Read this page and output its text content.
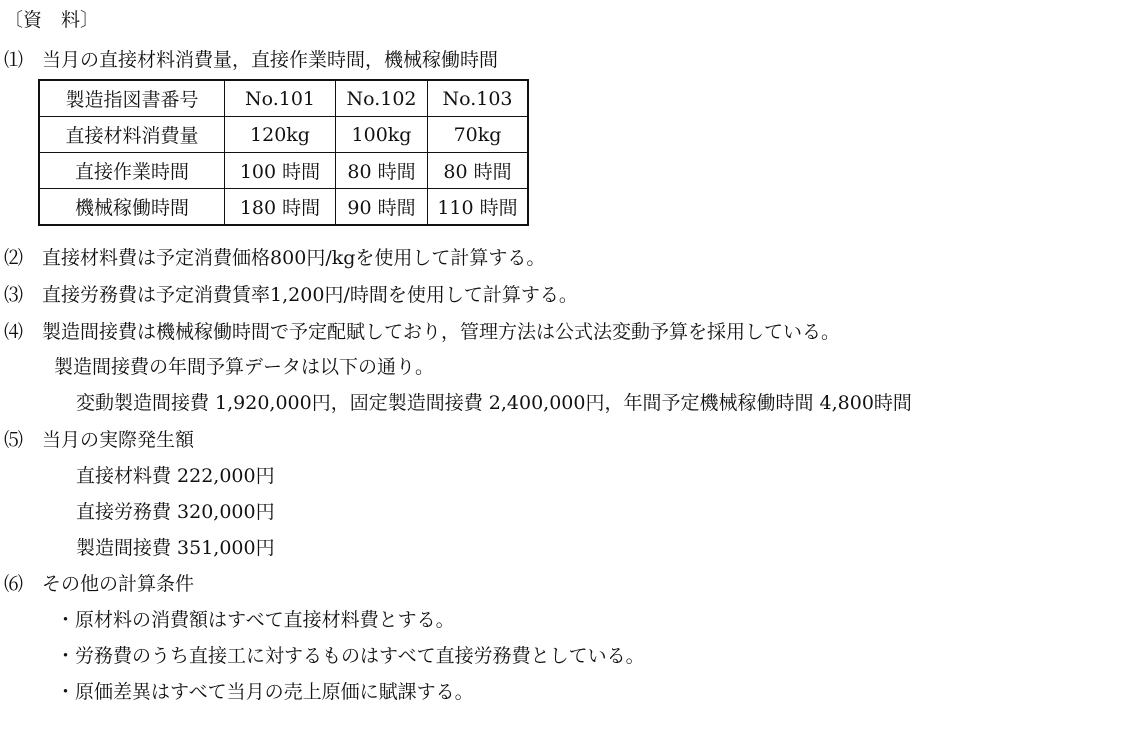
〔資　料〕
⑴ 当月の直接材料消費量，直接作業時間，機械稼働時間
製造指図書番号	No.101	No.102	No.103
直接材料消費量	120kg	100kg	70kg
直接作業時間	100 時間	80 時間	80 時間
機械稼働時間	180 時間	90 時間	110 時間
⑵ 直接材料費は予定消費価格800円/kgを使用して計算する。
⑶ 直接労務費は予定消費賃率1,200円/時間を使用して計算する。
⑷ 製造間接費は機械稼働時間で予定配賦しており，管理方法は公式法変動予算を採用している。
製造間接費の年間予算データは以下の通り。
変動製造間接費 1,920,000円，固定製造間接費 2,400,000円，年間予定機械稼働時間 4,800時間
⑸ 当月の実際発生額
直接材料費 222,000円
直接労務費 320,000円
製造間接費 351,000円
⑹ その他の計算条件
・原材料の消費額はすべて直接材料費とする。
・労務費のうち直接工に対するものはすべて直接労務費としている。
・原価差異はすべて当月の売上原価に賦課する。
